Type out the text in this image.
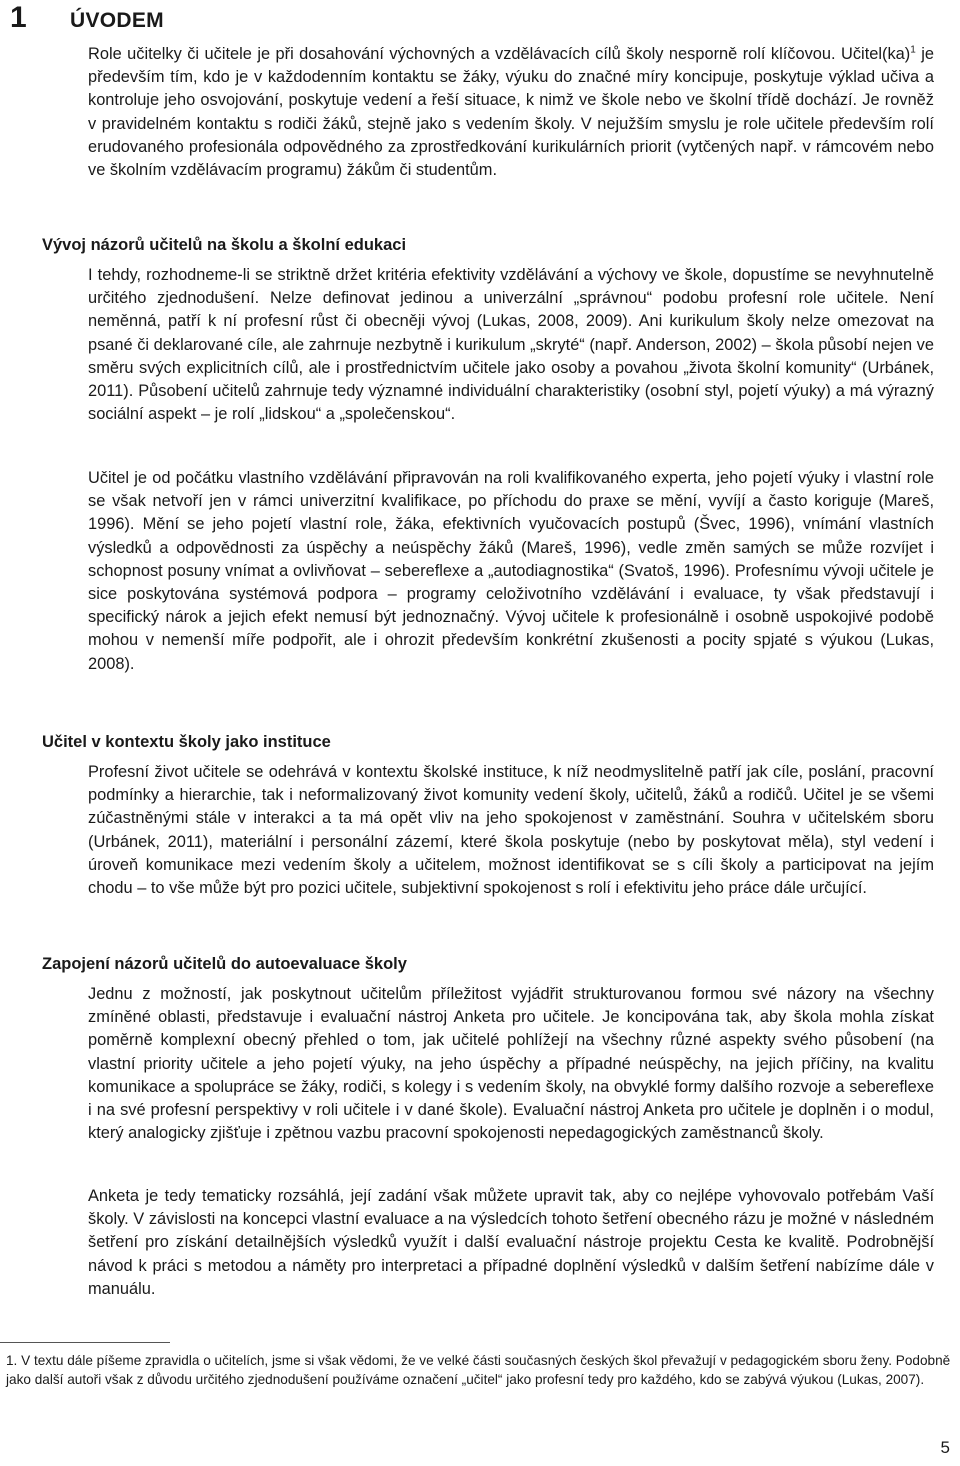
1	ÚVODEM

Role učitelky či učitele je při dosahování výchovných a vzdělávacích cílů školy nesporně rolí klíčovou. Učitel(ka)$^1$ je především tím, kdo je v každodenním kontaktu se žáky, výuku do značné míry koncipuje, poskytuje výklad učiva a kontroluje jeho osvojování, poskytuje vedení a řeší situace, k nimž ve škole nebo ve školní třídě dochází. Je rovněž v pravidelném kontaktu s rodiči žáků, stejně jako s vedením školy. V nejužším smyslu je role učitele především rolí erudovaného profesionála odpovědného za zprostředkování kurikulárních priorit (vytčených např. v rámcovém nebo ve školním vzdělávacím programu) žákům či studentům.

Vývoj názorů učitelů na školu a školní edukaci

I tehdy, rozhodneme-li se striktně držet kritéria efektivity vzdělávání a výchovy ve škole, dopustíme se nevyhnutelně určitého zjednodušení. Nelze definovat jedinou a univerzální „správnou“ podobu profesní role učitele. Není neměnná, patří k ní profesní růst či obecněji vývoj (Lukas, 2008, 2009). Ani kurikulum školy nelze omezovat na psané či deklarované cíle, ale zahrnuje nezbytně i kurikulum „skryté“ (např. Anderson, 2002) – škola působí nejen ve směru svých explicitních cílů, ale i prostřednictvím učitele jako osoby a povahou „života školní komunity“ (Urbánek, 2011). Působení učitelů zahrnuje tedy významné individuální charakteristiky (osobní styl, pojetí výuky) a má výrazný sociální aspekt – je rolí „lidskou“ a „společenskou“.

Učitel je od počátku vlastního vzdělávání připravován na roli kvalifikovaného experta, jeho pojetí výuky i vlastní role se však netvoří jen v rámci univerzitní kvalifikace, po příchodu do praxe se mění, vyvíjí a často koriguje (Mareš, 1996). Mění se jeho pojetí vlastní role, žáka, efektivních vyučovacích postupů (Švec, 1996), vnímání vlastních výsledků a odpovědnosti za úspěchy a neúspěchy žáků (Mareš, 1996), vedle změn samých se může rozvíjet i schopnost posuny vnímat a ovlivňovat – sebereflexe a „autodiagnostika“ (Svatoš, 1996). Profesnímu vývoji učitele je sice poskytována systémová podpora – programy celoživotního vzdělávání i evaluace, ty však představují i specifický nárok a jejich efekt nemusí být jednoznačný. Vývoj učitele k profesionálně i osobně uspokojivé podobě mohou v nemenší míře podpořit, ale i ohrozit především konkrétní zkušenosti a pocity spjaté s výukou (Lukas, 2008).

Učitel v kontextu školy jako instituce

Profesní život učitele se odehrává v kontextu školské instituce, k níž neodmyslitelně patří jak cíle, poslání, pracovní podmínky a hierarchie, tak i neformalizovaný život komunity vedení školy, učitelů, žáků a rodičů. Učitel je se všemi zúčastněnými stále v interakci a ta má opět vliv na jeho spokojenost v zaměstnání. Souhra v učitelském sboru (Urbánek, 2011), materiální i personální zázemí, které škola poskytuje (nebo by poskytovat měla), styl vedení i úroveň komunikace mezi vedením školy a učitelem, možnost identifikovat se s cíli školy a participovat na jejím chodu – to vše může být pro pozici učitele, subjektivní spokojenost s rolí i efektivitu jeho práce dále určující.

Zapojení názorů učitelů do autoevaluace školy

Jednu z možností, jak poskytnout učitelům příležitost vyjádřit strukturovanou formou své názory na všechny zmíněné oblasti, představuje i evaluační nástroj Anketa pro učitele. Je koncipována tak, aby škola mohla získat poměrně komplexní obecný přehled o tom, jak učitelé pohlížejí na všechny různé aspekty svého působení (na vlastní priority učitele a jeho pojetí výuky, na jeho úspěchy a případné neúspěchy, na jejich příčiny, na kvalitu komunikace a spolupráce se žáky, rodiči, s kolegy i s vedením školy, na obvyklé formy dalšího rozvoje a sebereflexe i na své profesní perspektivy v roli učitele i v dané škole). Evaluační nástroj Anketa pro učitele je doplněn i o modul, který analogicky zjišťuje i zpětnou vazbu pracovní spokojenosti nepedagogických zaměstnanců školy.

Anketa je tedy tematicky rozsáhlá, její zadání však můžete upravit tak, aby co nejlépe vyhovovalo potřebám Vaší školy. V závislosti na koncepci vlastní evaluace a na výsledcích tohoto šetření obecného rázu je možné v následném šetření pro získání detailnějších výsledků využít i další evaluační nástroje projektu Cesta ke kvalitě. Podrobnější návod k práci s metodou a náměty pro interpretaci a případné doplnění výsledků v dalším šetření nabízíme dále v manuálu.

1. V textu dále píšeme zpravidla o učitelích, jsme si však vědomi, že ve velké části současných českých škol převažují v pedagogickém sboru ženy. Podobně jako další autoři však z důvodu určitého zjednodušení používáme označení „učitel“ jako profesní tedy pro každého, kdo se zabývá výukou (Lukas, 2007).

5
